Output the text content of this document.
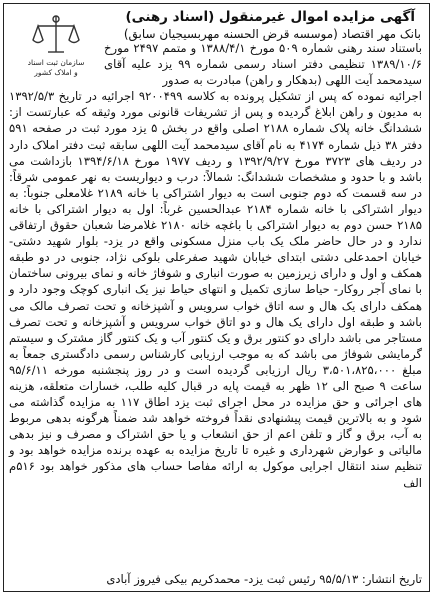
سازمان ثبت اسناد
و املاک کشور
آگهی مزایده اموال غیرمنقول (اسناد رهنی)
بانک مهر اقتصاد (موسسه قرض الحسنه مهربسیجیان سابق)
باستناد سند رهنی شماره ۵۰۹ مورخ ۱۳۸۸/۴/۱ و متمم ۲۴۹۷ مورخ ۱۳۸۹/۱۰/۶ تنظیمی دفتر اسناد رسمی شماره ۹۹ یزد علیه آقای سیدمحمد آیت اللهی (بدهکار و راهن) مبادرت به صدور
اجرائیه نموده که پس از تشکیل پرونده به کلاسه ۹۲۰۰۴۹۹ اجرائیه در تاریخ ۱۳۹۲/۵/۳ به مدیون و راهن ابلاغ گردیده و پس از تشریفات قانونی مورد وثیقه که عبارتست از: ششدانگ خانه پلاک شماره ۲۱۸۸ اصلی واقع در بخش ۵ یزد مورد ثبت در صفحه ۵۹۱ دفتر ۳۸ ذیل شماره ۴۱۷۴ به نام آقای سیدمحمد آیت اللهی سابقه ثبت دفتر املاک دارد در ردیف های ۳۷۲۳ مورخ ۱۳۹۲/۹/۲۷ و ردیف ۱۹۷۷ مورخ ۱۳۹۴/۶/۱۸ بازداشت می باشد و با حدود و مشخصات ششدانگ: شمالاً: درب و دیواریست به نهر عمومی شرقاً: در سه قسمت که دوم جنوبی است به دیوار اشتراکی با خانه ۲۱۸۹ غلامعلی جنوباً: به دیوار اشتراکی با خانه شماره ۲۱۸۴ عبدالحسین غرباً: اول به دیوار اشتراکی با خانه ۲۱۸۵ حسن دوم به دیوار اشتراکی با باغچه خانه ۲۱۸۰ غلامرضا شعبان حقوق ارتفاقی ندارد و در حال حاضر ملک یک باب منزل مسکونی واقع در یزد- بلوار شهید دشتی- خیابان احمدعلی دشتی ابتدای خیابان شهید صفرعلی بلوکی نژاد، جنوبی در دو طبقه همکف و اول و دارای زیرزمین به صورت انباری و شوفاژ خانه و نمای بیرونی ساختمان با نمای آجر روکار- حیاط سازی تکمیل و انتهای حیاط نیز یک انباری کوچک وجود دارد و همکف دارای یک هال و سه اتاق خواب سرویس و آشپزخانه و تحت تصرف مالک می باشد و طبقه اول دارای یک هال و دو اتاق خواب سرویس و آشپزخانه و تحت تصرف مستاجر می باشد دارای دو کنتور برق و یک کنتور آب و یک کنتور گاز مشترک و سیستم گرمایشی شوفاژ می باشد که به موجب ارزیابی کارشناس رسمی دادگستری جمعاً به مبلغ ۳،۵۰۱،۸۲۵،۰۰۰ ریال ارزیابی گردیده است و در روز پنجشنبه مورخه ۹۵/۶/۱۱ ساعت ۹ صبح الی ۱۲ ظهر به قیمت پایه در قبال کلیه طلب، خسارات متعلقه، هزینه های اجرائی و حق مزایده در محل اجرای ثبت یزد اطاق ۱۱۷ به مزایده گذاشته می شود و به بالاترین قیمت پیشنهادی نقداً فروخته خواهد شد ضمناً هرگونه بدهی مربوط به آب، برق و گاز و تلفن اعم از حق انشعاب و یا حق اشتراک و مصرف و نیز بدهی مالیاتی و عوارض شهرداری و غیره تا تاریخ مزایده به عهده برنده مزایده خواهد بود و تنظیم سند انتقال اجرایی موکول به ارائه مفاصا حساب های مذکور خواهد بود ۵۱۶م الف
تاریخ انتشار: ۹۵/۵/۱۳ رئیس ثبت یزد- محمدکریم بیکی فیروز آبادی
